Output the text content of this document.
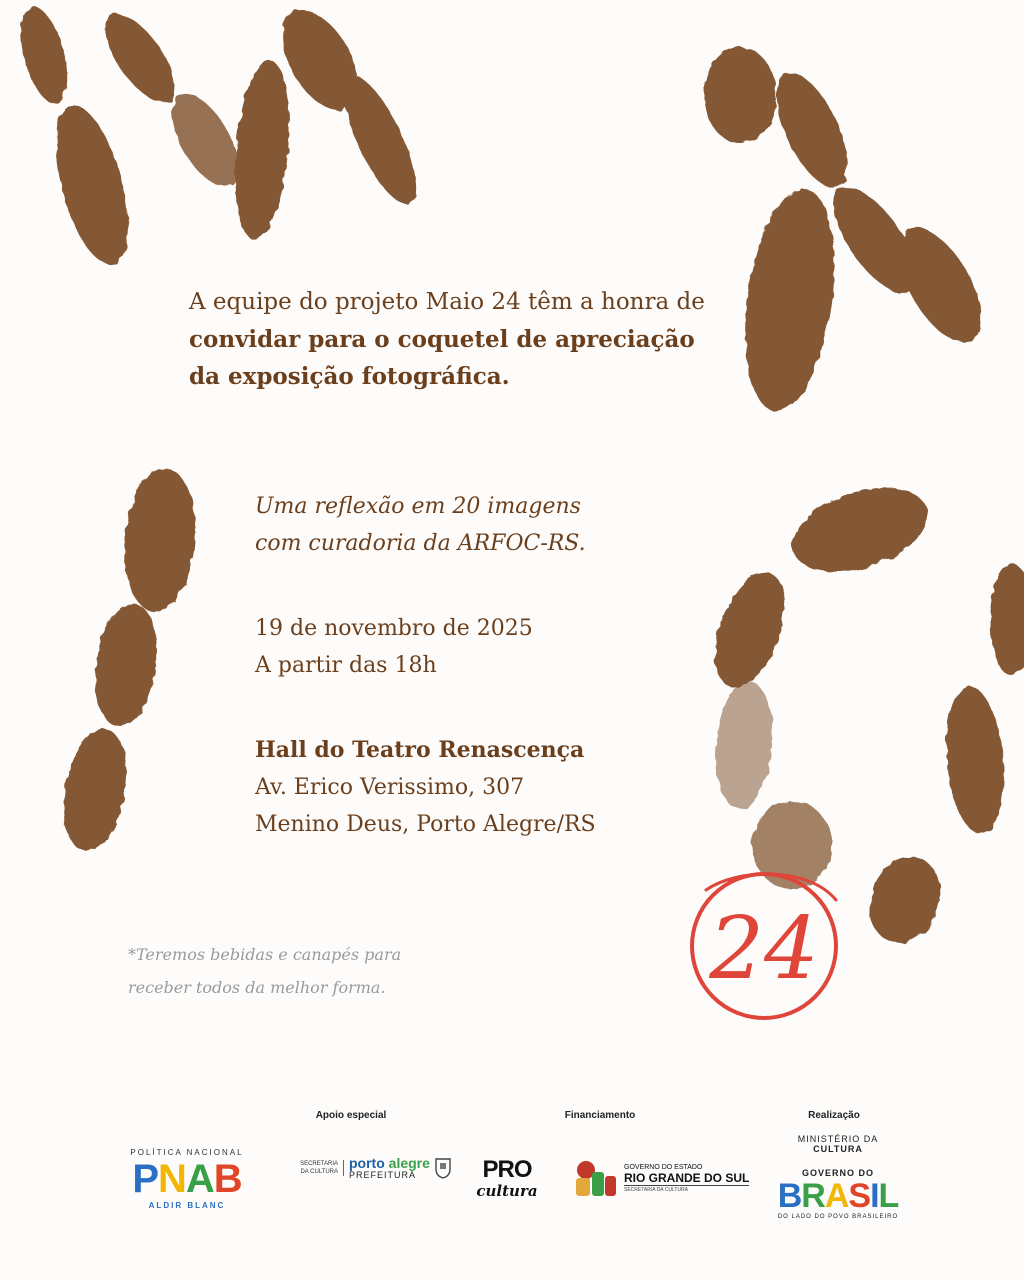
A equipe do projeto Maio 24 têm a honra de
convidar para o coquetel de apreciação
da exposição fotográfica.
Uma reflexão em 20 imagens
com curadoria da ARFOC-RS.
19 de novembro de 2025
A partir das 18h
Hall do Teatro Renascença
Av. Erico Verissimo, 307
Menino Deus, Porto Alegre/RS
*Teremos bebidas e canapés para
receber todos da melhor forma.	24
Apoio especial	Financiamento	Realização
POLÍTICA NACIONAL
PNAB
ALDIR BLANC
SECRETARIA DA CULTURA
porto alegre
PREFEITURA	PRO
cultura
GOVERNO DO ESTADO
RIO GRANDE DO SUL
SECRETARIA DA CULTURA
MINISTÉRIO DA
CULTURA
GOVERNO DO
BRASIL
DO LADO DO POVO BRASILEIRO
